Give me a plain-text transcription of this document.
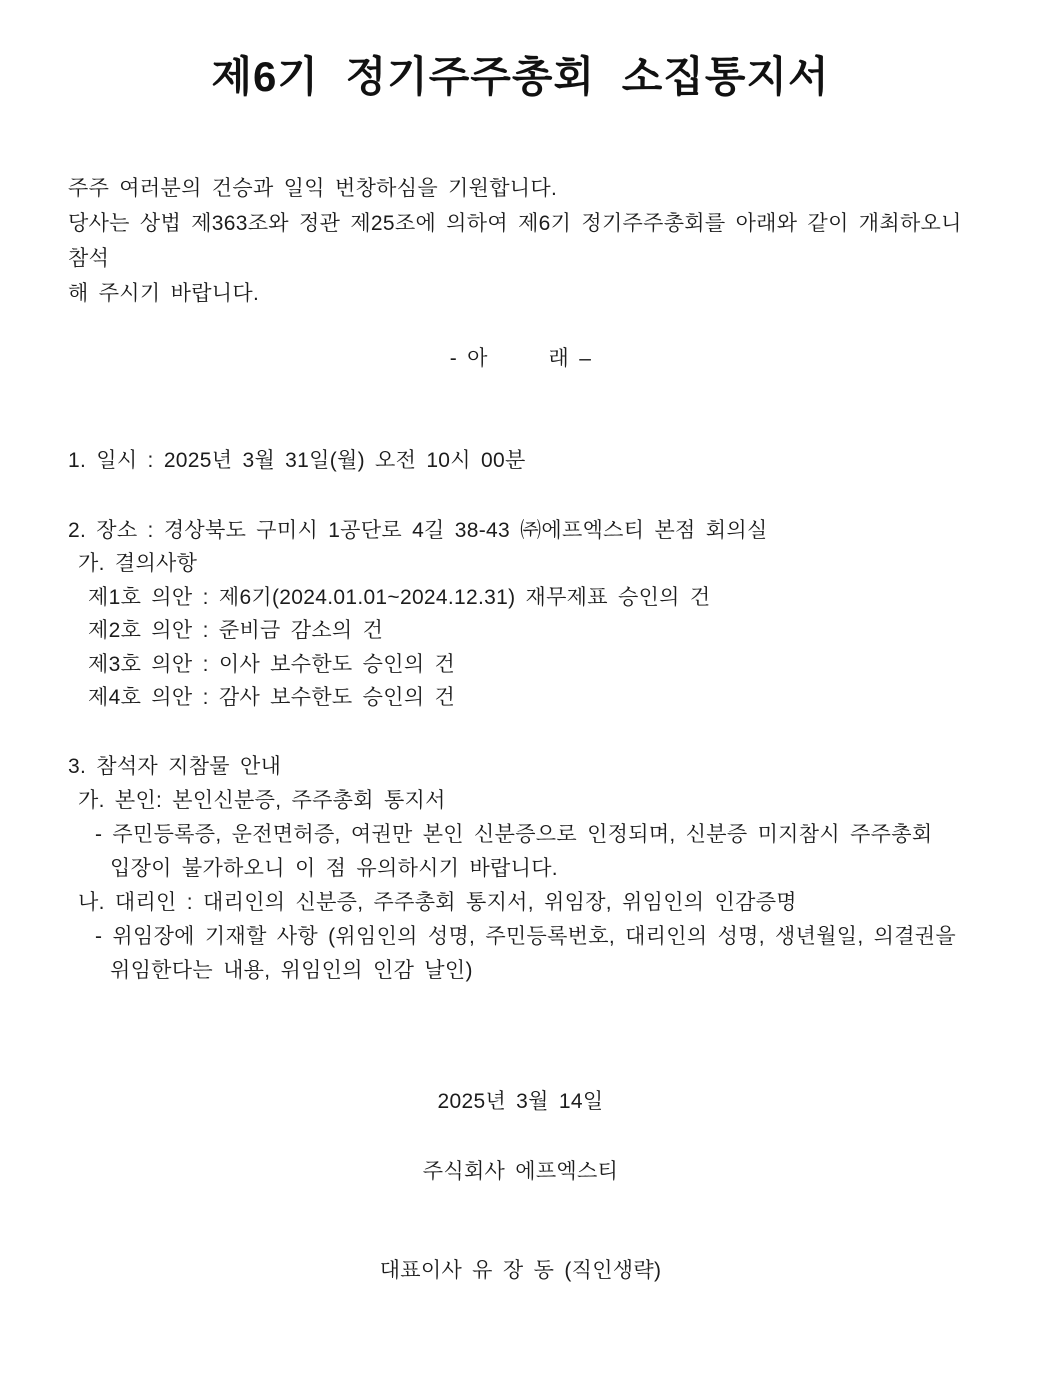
제6기 정기주주총회 소집통지서
주주 여러분의 건승과 일익 번창하심을 기원합니다.
당사는 상법 제363조와 정관 제25조에 의하여 제6기 정기주주총회를 아래와 같이 개최하오니 참석
해 주시기 바랍니다.
- 아      래 –
1. 일시 : 2025년 3월 31일(월) 오전 10시 00분
2. 장소 : 경상북도 구미시 1공단로 4길 38-43 ㈜에프엑스티 본점 회의실
가. 결의사항
제1호 의안 : 제6기(2024.01.01~2024.12.31) 재무제표 승인의 건
제2호 의안 : 준비금 감소의 건
제3호 의안 : 이사 보수한도 승인의 건
제4호 의안 : 감사 보수한도 승인의 건
3. 참석자 지참물 안내
가. 본인: 본인신분증, 주주총회 통지서
- 주민등록증, 운전면허증, 여권만 본인 신분증으로 인정되며, 신분증 미지참시 주주총회
입장이 불가하오니 이 점 유의하시기 바랍니다.
나. 대리인 : 대리인의 신분증, 주주총회 통지서, 위임장, 위임인의 인감증명
- 위임장에 기재할 사항 (위임인의 성명, 주민등록번호, 대리인의 성명, 생년월일, 의결권을
위임한다는 내용, 위임인의 인감 날인)
2025년 3월 14일
주식회사 에프엑스티
대표이사 유 장 동 (직인생략)
